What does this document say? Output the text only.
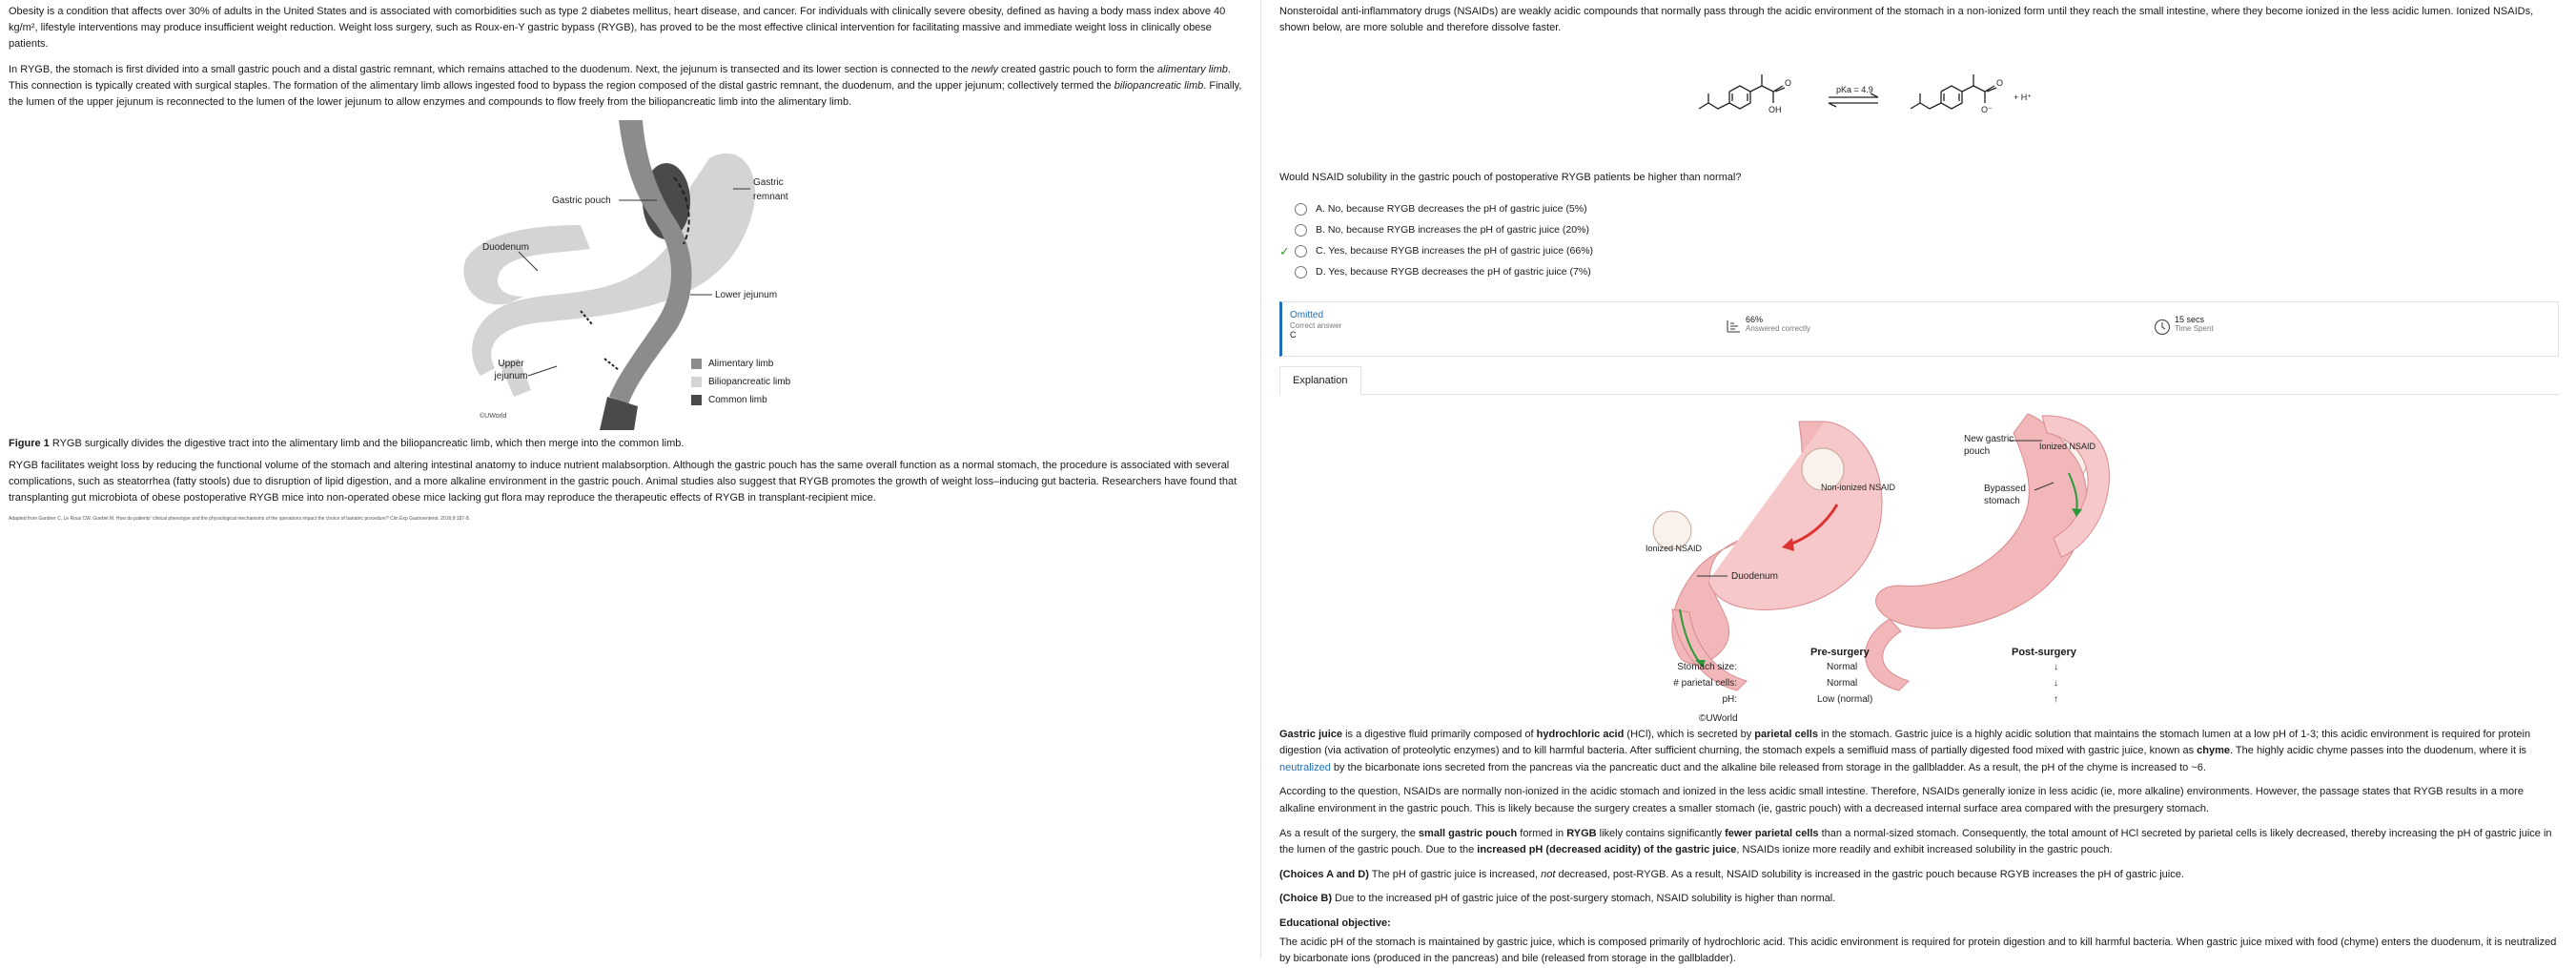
Obesity is a condition that affects over 30% of adults in the United States and is associated with comorbidities such as type 2 diabetes mellitus, heart disease, and cancer. For individuals with clinically severe obesity, defined as having a body mass index above 40 kg/m², lifestyle interventions may produce insufficient weight reduction. Weight loss surgery, such as Roux-en-Y gastric bypass (RYGB), has proved to be the most effective clinical intervention for facilitating massive and immediate weight loss in clinically obese patients.

In RYGB, the stomach is first divided into a small gastric pouch and a distal gastric remnant, which remains attached to the duodenum. Next, the jejunum is transected and its lower section is connected to the newly created gastric pouch to form the alimentary limb. This connection is typically created with surgical staples. The formation of the alimentary limb allows ingested food to bypass the region composed of the distal gastric remnant, the duodenum, and the upper jejunum; collectively termed the biliopancreatic limb. Finally, the lumen of the upper jejunum is reconnected to the lumen of the lower jejunum to allow enzymes and compounds to flow freely from the biliopancreatic limb into the alimentary limb.

Gastric pouch
Gastric remnant
Duodenum
Lower jejunum
Upper jejunum
Alimentary limb
Biliopancreatic limb
Common limb
©UWorld

Figure 1 RYGB surgically divides the digestive tract into the alimentary limb and the biliopancreatic limb, which then merge into the common limb.

RYGB facilitates weight loss by reducing the functional volume of the stomach and altering intestinal anatomy to induce nutrient malabsorption. Although the gastric pouch has the same overall function as a normal stomach, the procedure is associated with several complications, such as steatorrhea (fatty stools) due to disruption of lipid digestion, and a more alkaline environment in the gastric pouch. Animal studies also suggest that RYGB promotes the growth of weight loss–inducing gut bacteria. Researchers have found that transplanting gut microbiota of obese postoperative RYGB mice into non-operated obese mice lacking gut flora may reproduce the therapeutic effects of RYGB in transplant-recipient mice.

Adapted from Gardner C, Le Roux CW, Goebel M. How do patients' clinical phenotype and the physiological mechanisms of the operations impact the choice of bariatric procedure? Clin Exp Gastroenterol. 2016;9:187-8.

Nonsteroidal anti-inflammatory drugs (NSAIDs) are weakly acidic compounds that normally pass through the acidic environment of the stomach in a non-ionized form until they reach the small intestine, where they become ionized in the less acidic lumen. Ionized NSAIDs, shown below, are more soluble and therefore dissolve faster.

O
OH
pKa = 4.9
O
O⁻
+ H⁺

Would NSAID solubility in the gastric pouch of postoperative RYGB patients be higher than normal?

A. No, because RYGB decreases the pH of gastric juice (5%)
B. No, because RYGB increases the pH of gastric juice (20%)
✓	C. Yes, because RYGB increases the pH of gastric juice (66%)
D. Yes, because RYGB decreases the pH of gastric juice (7%)
Omitted
Correct answer
C
66%
Answered correctly
15 secs
Time Spent
Explanation
Non-ionized NSAID
Ionized NSAID
Ionized NSAID
Duodenum
New gastric pouch
Bypassed stomach
©UWorld
Pre-surgery	Post-surgery
Stomach size:	Normal	↓
# parietal cells:	Normal	↓
pH:	Low (normal)	↑

Gastric juice is a digestive fluid primarily composed of hydrochloric acid (HCl), which is secreted by parietal cells in the stomach. Gastric juice is a highly acidic solution that maintains the stomach lumen at a low pH of 1-3; this acidic environment is required for protein digestion (via activation of proteolytic enzymes) and to kill harmful bacteria. After sufficient churning, the stomach expels a semifluid mass of partially digested food mixed with gastric juice, known as chyme. The highly acidic chyme passes into the duodenum, where it is neutralized by the bicarbonate ions secreted from the pancreas via the pancreatic duct and the alkaline bile released from storage in the gallbladder. As a result, the pH of the chyme is increased to ~6.

According to the question, NSAIDs are normally non-ionized in the acidic stomach and ionized in the less acidic small intestine. Therefore, NSAIDs generally ionize in less acidic (ie, more alkaline) environments. However, the passage states that RYGB results in a more alkaline environment in the gastric pouch. This is likely because the surgery creates a smaller stomach (ie, gastric pouch) with a decreased internal surface area compared with the presurgery stomach.

As a result of the surgery, the small gastric pouch formed in RYGB likely contains significantly fewer parietal cells than a normal-sized stomach. Consequently, the total amount of HCl secreted by parietal cells is likely decreased, thereby increasing the pH of gastric juice in the lumen of the gastric pouch. Due to the increased pH (decreased acidity) of the gastric juice, NSAIDs ionize more readily and exhibit increased solubility in the gastric pouch.

(Choices A and D) The pH of gastric juice is increased, not decreased, post-RYGB. As a result, NSAID solubility is increased in the gastric pouch because RGYB increases the pH of gastric juice.

(Choice B) Due to the increased pH of gastric juice of the post-surgery stomach, NSAID solubility is higher than normal.

Educational objective:

The acidic pH of the stomach is maintained by gastric juice, which is composed primarily of hydrochloric acid. This acidic environment is required for protein digestion and to kill harmful bacteria. When gastric juice mixed with food (chyme) enters the duodenum, it is neutralized by bicarbonate ions (produced in the pancreas) and bile (released from storage in the gallbladder).
